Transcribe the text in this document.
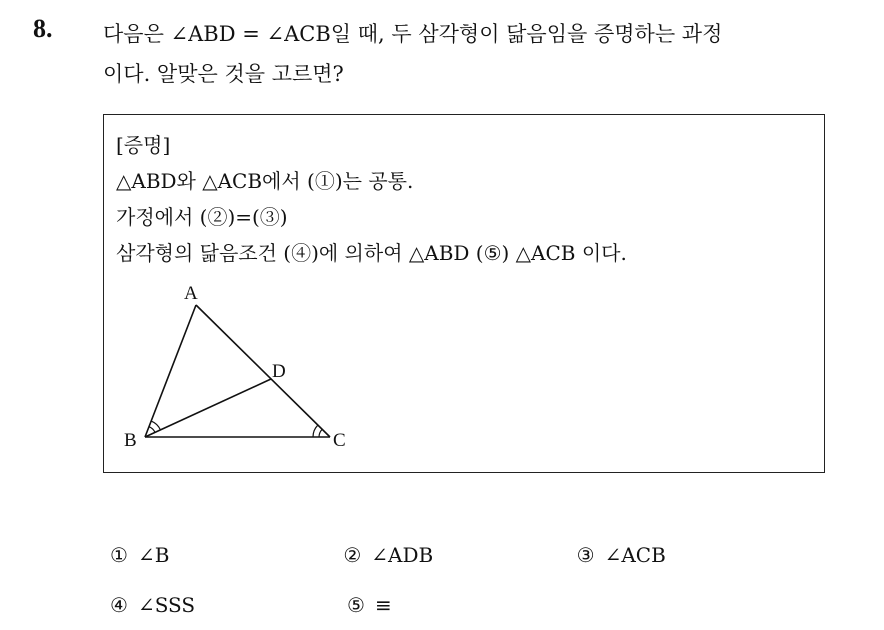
8. 다음은 ∠ABD = ∠ACB일 때, 두 삼각형이 닮음임을 증명하는 과정
이다. 알맞은 것을 고르면?
[증명]
△ABD와 △ACB에서 (①)는 공통.
가정에서 (②)=(③)
삼각형의 닮음조건 (④)에 의하여 △ABD (⑤) △ACB 이다.
A
B	C
D
① ∠B	② ∠ADB	③ ∠ACB
④ ∠SSS	⑤ ≡
